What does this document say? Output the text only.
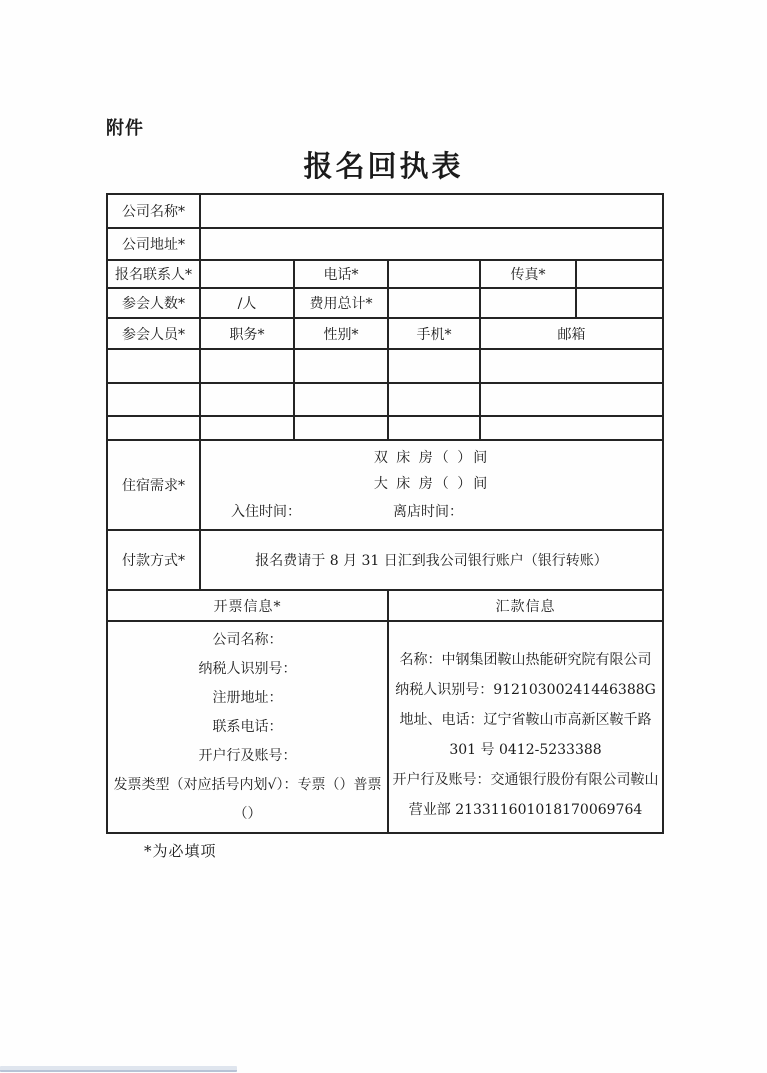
附件
报名回执表
公司名称*					
公司地址*					
报名联系人*		电话*		传真*	
参会人数*	/人	费用总计*			
参会人员*	职务*	性别*	手机*	邮箱	

住宿需求*	双 床 房（ ）间
大 床 房（ ）间
入住时间： 离店时间：				

付款方式*	报名费请于 8 月 31 日汇到我公司银行账户（银行转账）				

开票信息*			汇款信息		

公司名称：
纳税人识别号：
注册地址：
联系电话：
开户行及账号：
发票类型（对应括号内划√）：专票（）普票（）

名称：中钢集团鞍山热能研究院有限公司
纳税人识别号：91210300241446388G
地址、电话：辽宁省鞍山市高新区鞍千路 301 号 0412-5233388
开户行及账号：交通银行股份有限公司鞍山营业部 213311601018170069764
*为必填项
